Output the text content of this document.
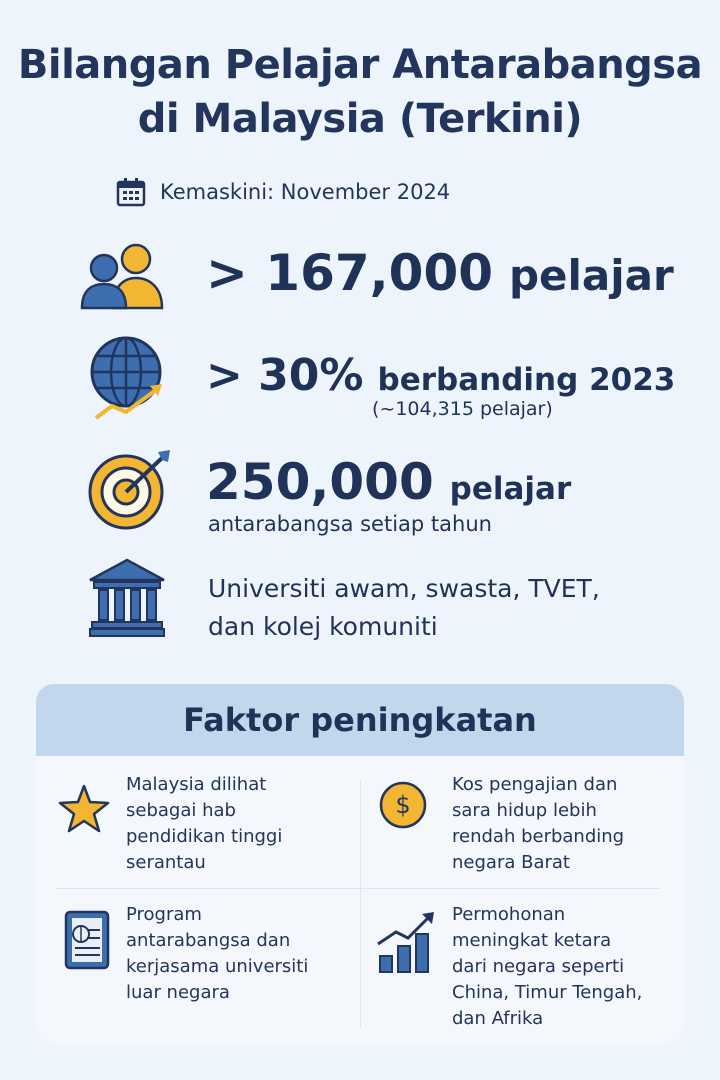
Bilangan Pelajar Antarabangsa
di Malaysia (Terkini)
Kemaskini: November 2024
> 167,000 pelajar
> 30% berbanding 2023
(~104,315 pelajar)
250,000 pelajar
antarabangsa setiap tahun
Universiti awam, swasta, TVET,
dan kolej komuniti
Faktor peningkatan
Malaysia dilihat
sebagai hab
pendidikan tinggi
serantau
$
Kos pengajian dan
sara hidup lebih
rendah berbanding
negara Barat
Program
antarabangsa dan
kerjasama universiti
luar negara
Permohonan
meningkat ketara
dari negara seperti
China, Timur Tengah,
dan Afrika
